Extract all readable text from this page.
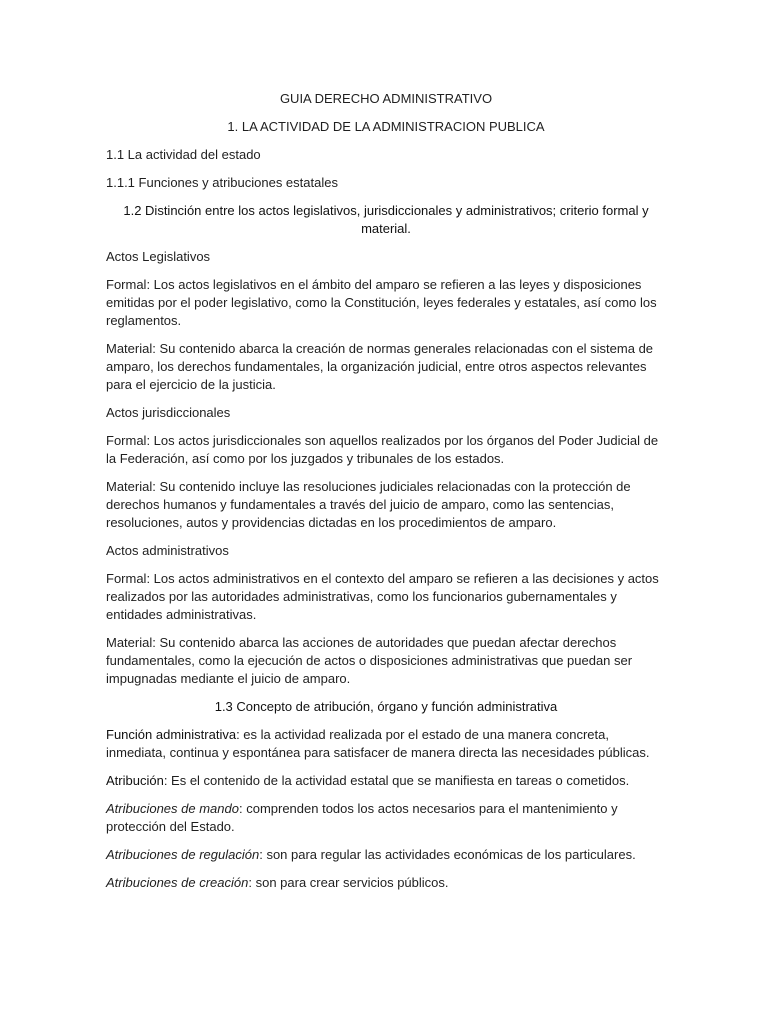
GUIA DERECHO ADMINISTRATIVO

1. LA ACTIVIDAD DE LA ADMINISTRACION PUBLICA

1.1 La actividad del estado

1.1.1 Funciones y atribuciones estatales

1.2 Distinción entre los actos legislativos, jurisdiccionales y administrativos; criterio formal y material.

Actos Legislativos

Formal: Los actos legislativos en el ámbito del amparo se refieren a las leyes y disposiciones emitidas por el poder legislativo, como la Constitución, leyes federales y estatales, así como los reglamentos.

Material: Su contenido abarca la creación de normas generales relacionadas con el sistema de amparo, los derechos fundamentales, la organización judicial, entre otros aspectos relevantes para el ejercicio de la justicia.

Actos jurisdiccionales

Formal: Los actos jurisdiccionales son aquellos realizados por los órganos del Poder Judicial de la Federación, así como por los juzgados y tribunales de los estados.

Material: Su contenido incluye las resoluciones judiciales relacionadas con la protección de derechos humanos y fundamentales a través del juicio de amparo, como las sentencias, resoluciones, autos y providencias dictadas en los procedimientos de amparo.

Actos administrativos

Formal: Los actos administrativos en el contexto del amparo se refieren a las decisiones y actos realizados por las autoridades administrativas, como los funcionarios gubernamentales y entidades administrativas.

Material: Su contenido abarca las acciones de autoridades que puedan afectar derechos fundamentales, como la ejecución de actos o disposiciones administrativas que puedan ser impugnadas mediante el juicio de amparo.

1.3 Concepto de atribución, órgano y función administrativa

Función administrativa: es la actividad realizada por el estado de una manera concreta, inmediata, continua y espontánea para satisfacer de manera directa las necesidades públicas.

Atribución: Es el contenido de la actividad estatal que se manifiesta en tareas o cometidos.

Atribuciones de mando: comprenden todos los actos necesarios para el mantenimiento y protección del Estado.

Atribuciones de regulación: son para regular las actividades económicas de los particulares.

Atribuciones de creación: son para crear servicios públicos.
